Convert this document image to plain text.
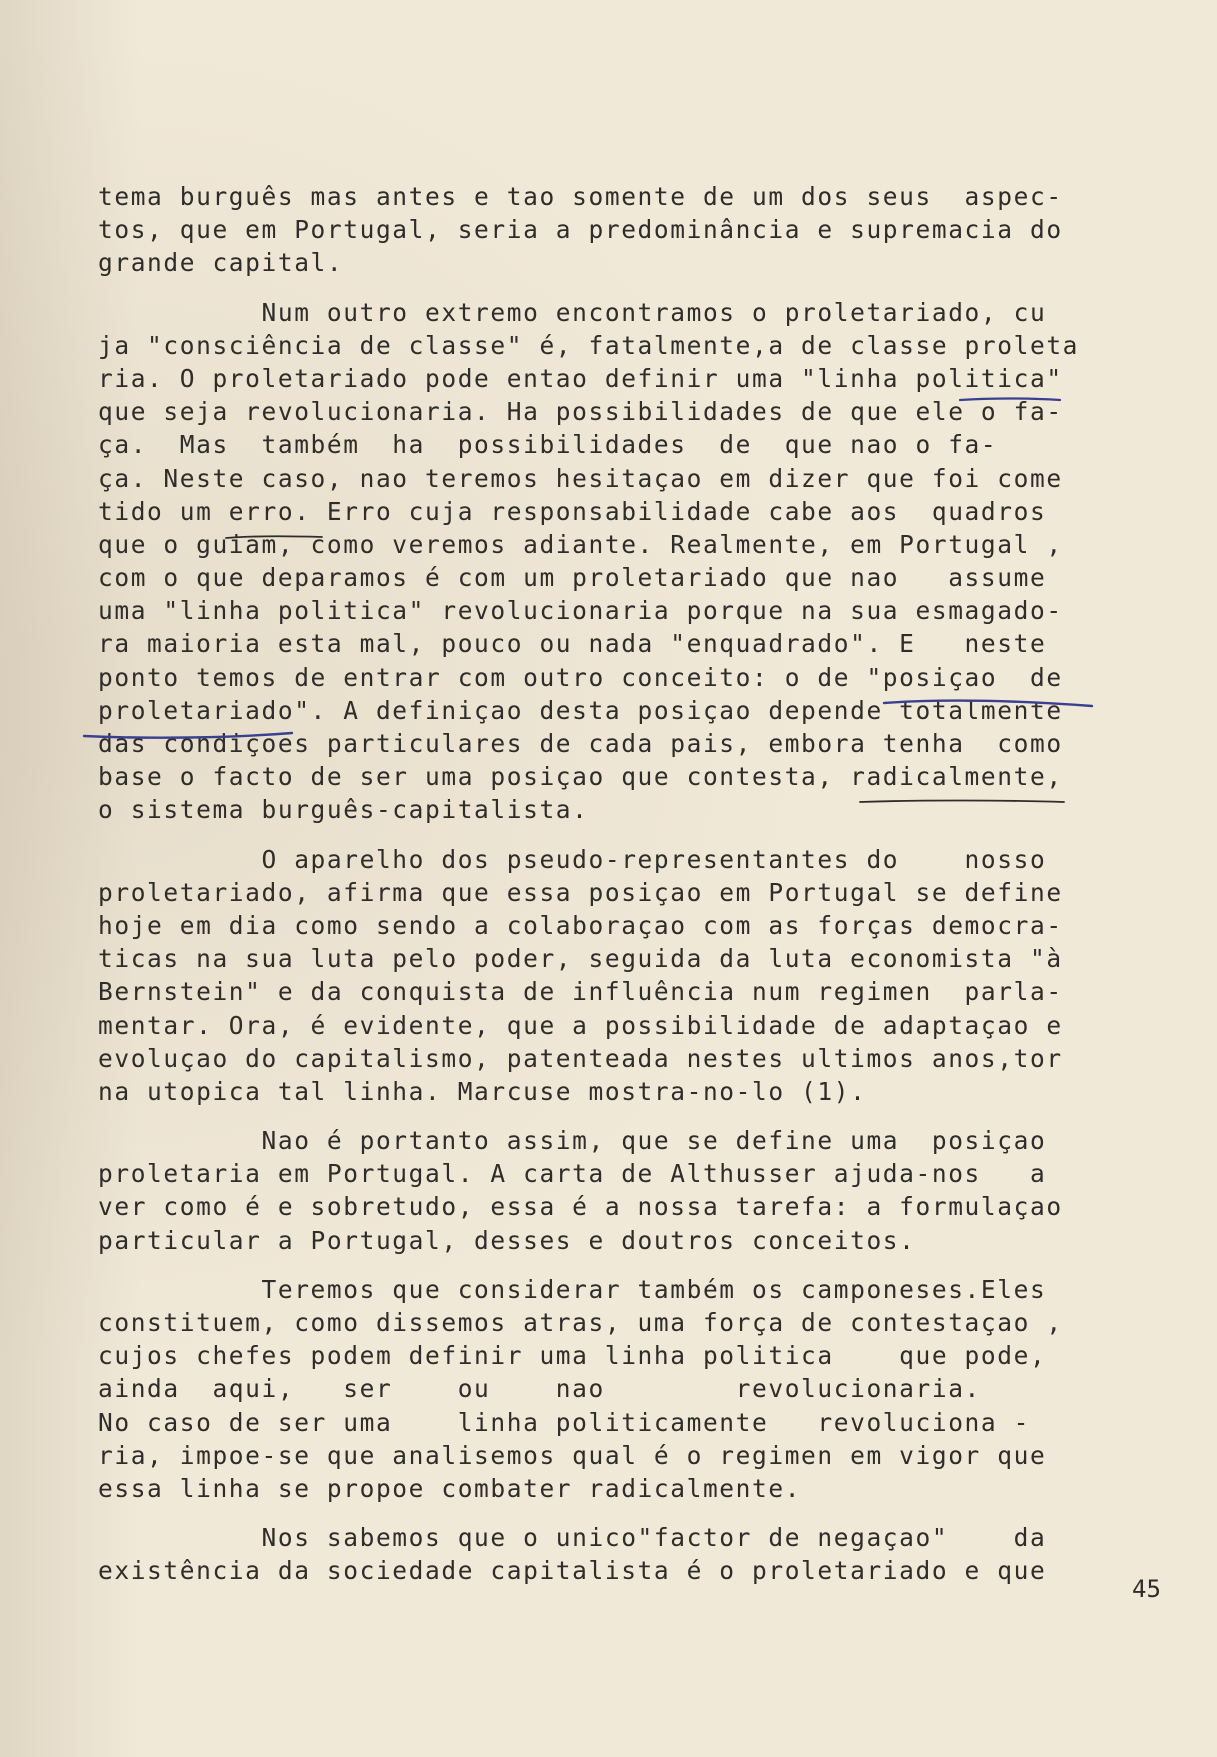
tema burguês mas antes e tao somente de um dos seus  aspec-
tos, que em Portugal, seria a predominância e supremacia do
grande capital.
Num outro extremo encontramos o proletariado, cu
ja "consciência de classe" é, fatalmente,a de classe proleta
ria. O proletariado pode entao definir uma "linha politica"
que seja revolucionaria. Ha possibilidades de que ele o fa-
ça.  Mas  também  ha  possibilidades  de  que nao o fa-
ça. Neste caso, nao teremos hesitaçao em dizer que foi come
tido um erro. Erro cuja responsabilidade cabe aos  quadros
que o guiam, como veremos adiante. Realmente, em Portugal ,
com o que deparamos é com um proletariado que nao   assume
uma "linha politica" revolucionaria porque na sua esmagado-
ra maioria esta mal, pouco ou nada "enquadrado". E   neste
ponto temos de entrar com outro conceito: o de "posiçao  de
proletariado". A definiçao desta posiçao depende totalmente
das condiçoes particulares de cada pais, embora tenha  como
base o facto de ser uma posiçao que contesta, radicalmente,
o sistema burguês-capitalista.
O aparelho dos pseudo-representantes do    nosso
proletariado, afirma que essa posiçao em Portugal se define
hoje em dia como sendo a colaboraçao com as forças democra-
ticas na sua luta pelo poder, seguida da luta economista "à
Bernstein" e da conquista de influência num regimen  parla-
mentar. Ora, é evidente, que a possibilidade de adaptaçao e
evoluçao do capitalismo, patenteada nestes ultimos anos,tor
na utopica tal linha. Marcuse mostra-no-lo (1).
Nao é portanto assim, que se define uma  posiçao
proletaria em Portugal. A carta de Althusser ajuda-nos   a
ver como é e sobretudo, essa é a nossa tarefa: a formulaçao
particular a Portugal, desses e doutros conceitos.
Teremos que considerar também os camponeses.Eles
constituem, como dissemos atras, uma força de contestaçao ,
cujos chefes podem definir uma linha politica    que pode,
ainda  aqui,   ser    ou    nao        revolucionaria.
No caso de ser uma    linha politicamente   revoluciona -
ria, impoe-se que analisemos qual é o regimen em vigor que
essa linha se propoe combater radicalmente.
Nos sabemos que o unico"factor de negaçao"    da
existência da sociedade capitalista é o proletariado e que
45
